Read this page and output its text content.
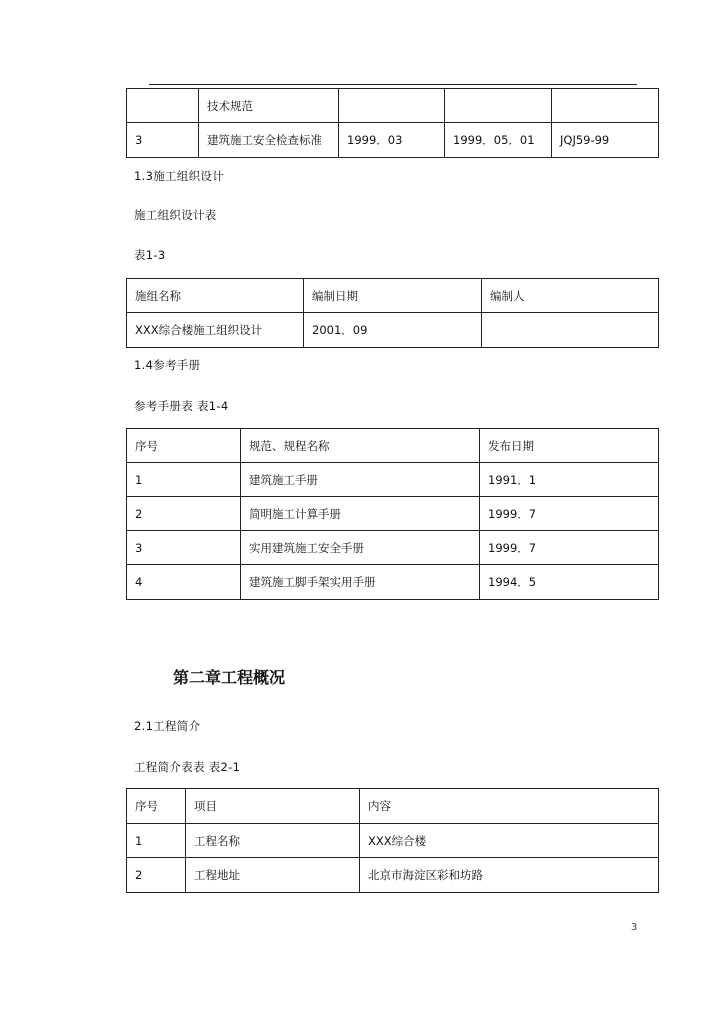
	技术规范			
3	建筑施工安全检查标准	1999．03	1999．05．01	JQJ59-99
1.3施工组织设计
施工组织设计表
表1-3
施组名称	编制日期	编制人
XXX综合楼施工组织设计	2001．09	
1.4参考手册
参考手册表 表1-4
序号	规范、规程名称	发布日期
1	建筑施工手册	1991．1
2	简明施工计算手册	1999．7
3	实用建筑施工安全手册	1999．7
4	建筑施工脚手架实用手册	1994．5
第二章工程概况
2.1工程简介
工程简介表表 表2-1
序号	项目	内容
1	工程名称	XXX综合楼
2	工程地址	北京市海淀区彩和坊路
3
